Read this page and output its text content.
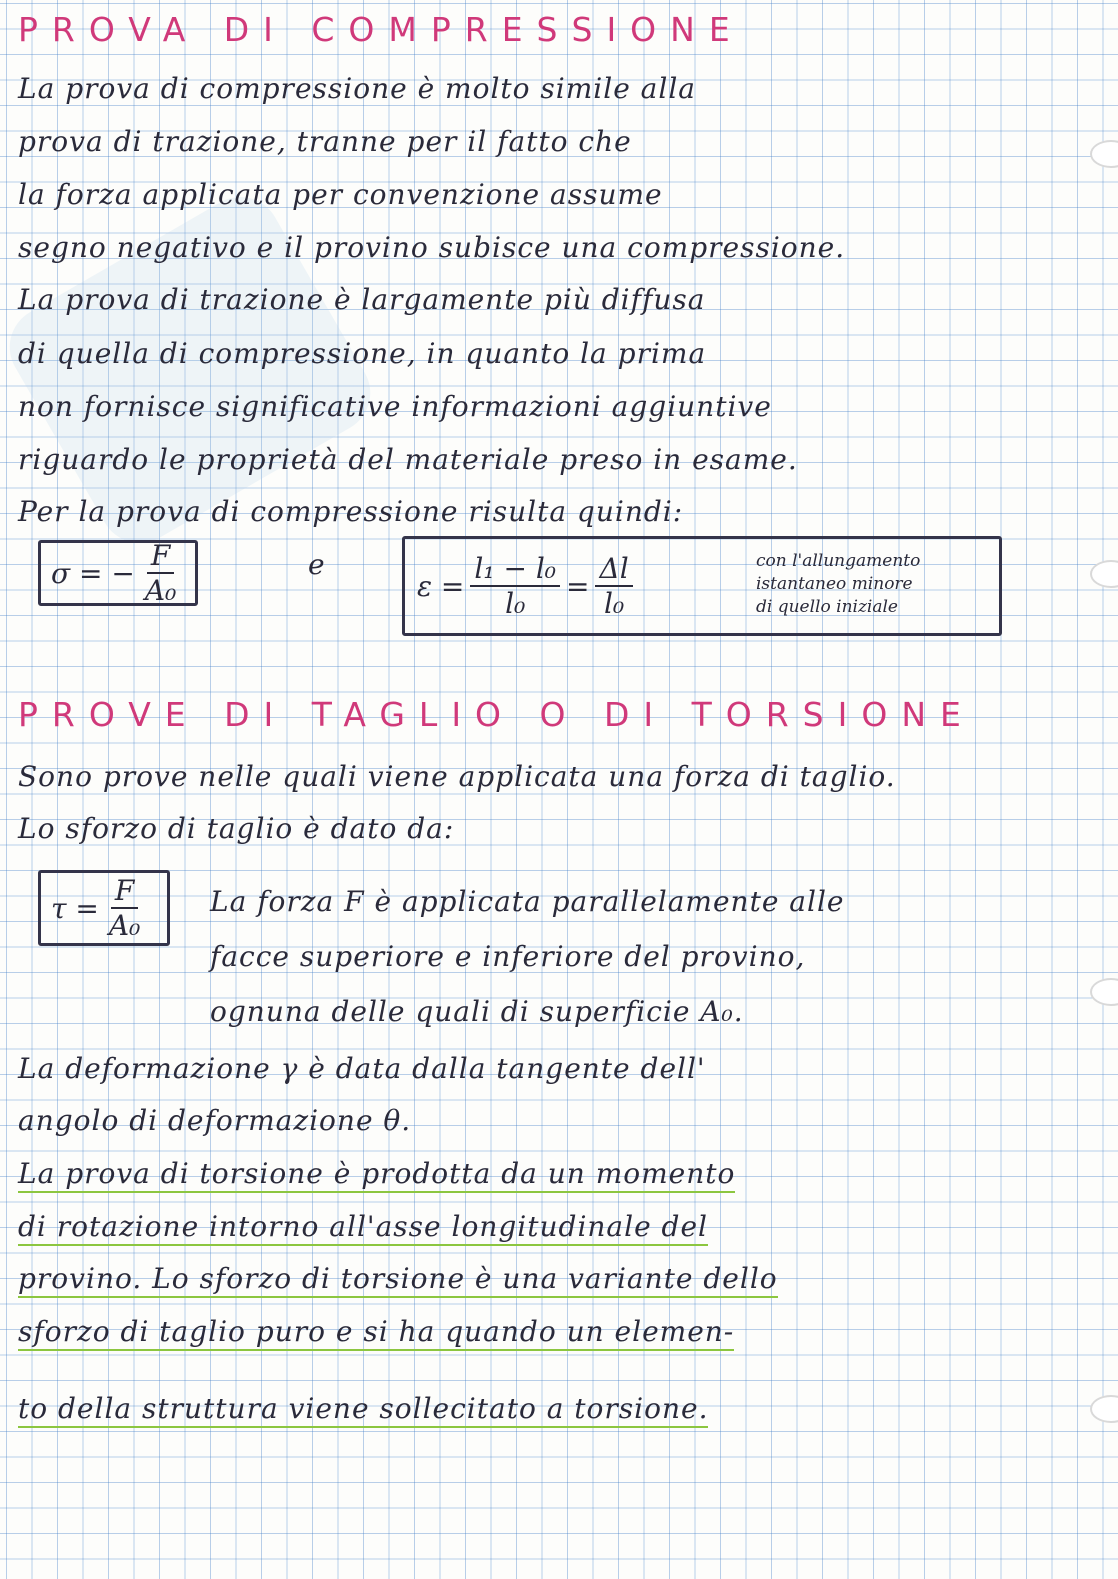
PROVA DI COMPRESSIONE
La prova di compressione è molto simile alla
prova di trazione, tranne per il fatto che
la forza applicata per convenzione assume
segno negativo e il provino subisce una compressione.
La prova di trazione è largamente più diffusa
di quella di compressione, in quanto la prima
non fornisce significative informazioni aggiuntive
riguardo le proprietà del materiale preso in esame.
Per la prova di compressione risulta quindi:
σ = − $\frac{F}{\text{A₀}}$	e
$\varepsilon = \frac{\text{l₁ − l₀}}{\text{l₀}} = \frac{\Delta l}{\text{l₀}}$	con l'allungamento
istantaneo minore
di quello iniziale
PROVE DI TAGLIO O DI TORSIONE
Sono prove nelle quali viene applicata una forza di taglio.
Lo sforzo di taglio è dato da:
$\tau = \frac{F}{\text{A₀}}$ La forza F è applicata parallelamente alle
facce superiore e inferiore del provino,
ognuna delle quali di superficie A₀.
La deformazione γ è data dalla tangente dell'
angolo di deformazione θ.
La prova di torsione è prodotta da un momento
di rotazione intorno all'asse longitudinale del
provino. Lo sforzo di torsione è una variante dello
sforzo di taglio puro e si ha quando un elemen-
to della struttura viene sollecitato a torsione.
